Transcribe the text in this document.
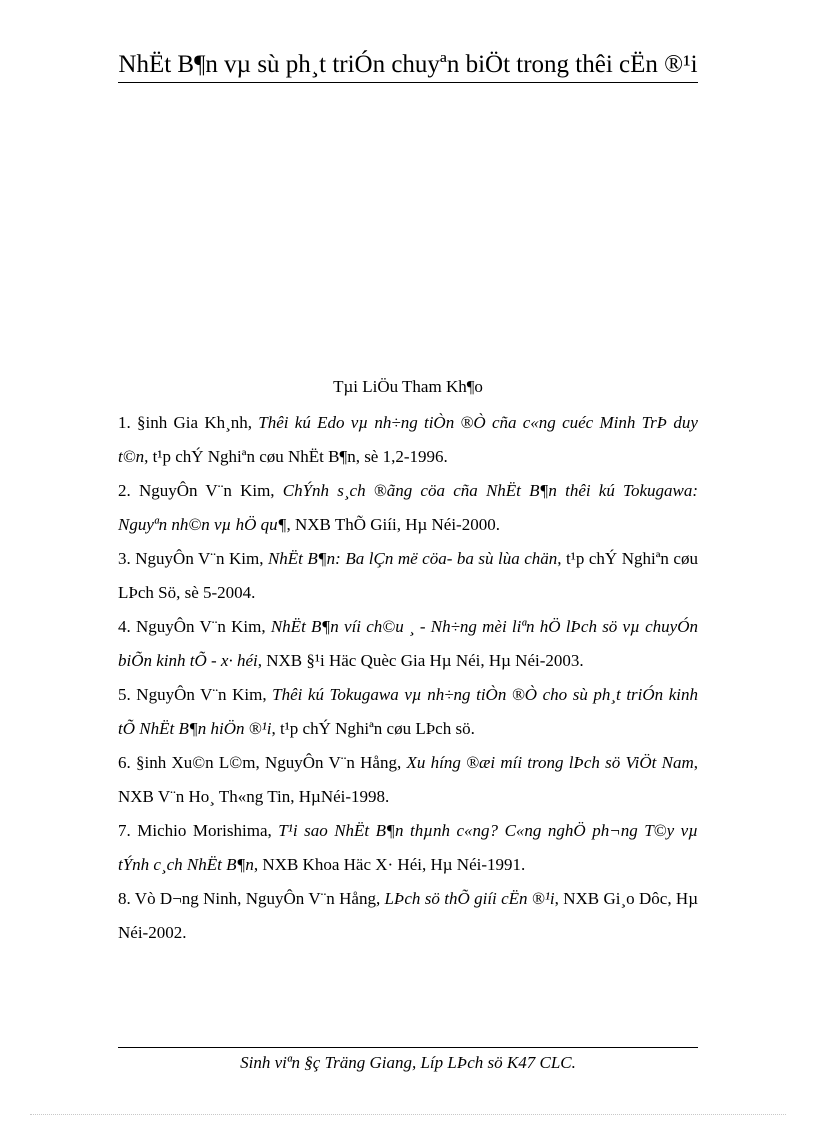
NhËt B¶n vµ sù ph¸t triÓn chuyªn biÖt trong thêi cËn ®¹i
Tµi LiÖu Tham Kh¶o

1. §inh Gia Kh¸nh, Thêi kú Edo vµ nh÷ng tiÒn ®Ò cña c«ng cuéc Minh TrÞ duy t©n, t¹p chÝ Nghiªn cøu NhËt B¶n, sè 1,2-1996.

2. NguyÔn V¨n Kim, ChÝnh s¸ch ®ãng cöa cña NhËt B¶n thêi kú Tokugawa: Nguyªn nh©n vµ hÖ qu¶, NXB ThÕ Giíi, Hµ Néi-2000.

3. NguyÔn V¨n Kim, NhËt B¶n: Ba lÇn më cöa- ba sù lùa chän, t¹p chÝ Nghiªn cøu LÞch Sö, sè 5-2004.

4. NguyÔn V¨n Kim, NhËt B¶n víi ch©u ¸ - Nh÷ng mèi liªn hÖ lÞch sö vµ chuyÓn biÕn kinh tÕ - x· héi, NXB §¹i Häc Quèc Gia Hµ Néi, Hµ Néi-2003.

5. NguyÔn V¨n Kim, Thêi kú Tokugawa vµ nh÷ng tiÒn ®Ò cho sù ph¸t triÓn kinh tÕ NhËt B¶n hiÖn ®¹i, t¹p chÝ Nghiªn cøu LÞch sö.

6. §inh Xu©n L©m, NguyÔn V¨n Hång, Xu híng ®æi míi trong lÞch sö ViÖt Nam, NXB V¨n Ho¸ Th«ng Tin, HµNéi-1998.

7. Michio Morishima, T¹i sao NhËt B¶n thµnh c«ng? C«ng nghÖ ph¬ng T©y vµ tÝnh c¸ch NhËt B¶n, NXB Khoa Häc X· Héi, Hµ Néi-1991.

8. Vò D¬ng Ninh, NguyÔn V¨n Hång, LÞch sö thÕ giíi cËn ®¹i, NXB Gi¸o Dôc, Hµ Néi-2002.

Sinh viªn §ç Träng Giang, Líp LÞch sö K47 CLC.
